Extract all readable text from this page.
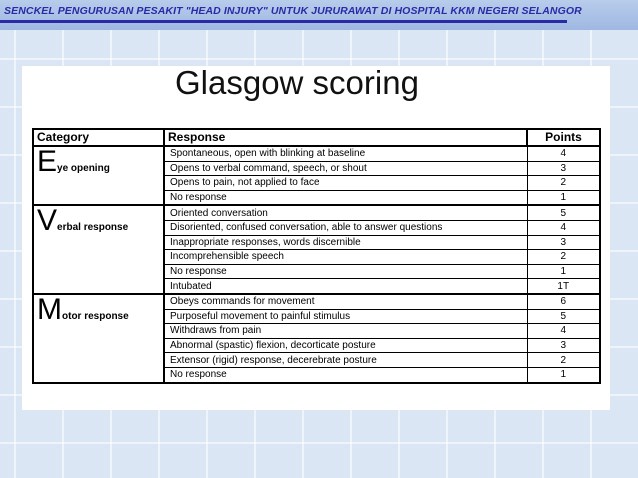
SENCKEL PENGURUSAN PESAKIT "HEAD INJURY" UNTUK JURURAWAT DI HOSPITAL KKM NEGERI SELANGOR
Glasgow scoring
Category	Response	Points
Eye opening	Spontaneous, open with blinking at baseline	4
	Opens to verbal command, speech, or shout	3
	Opens to pain, not applied to face	2
	No response	1
Verbal response	Oriented conversation	5
	Disoriented, confused conversation, able to answer questions	4
	Inappropriate responses, words discernible	3
	Incomprehensible speech	2
	No response	1
	Intubated	1T
Motor response	Obeys commands for movement	6
	Purposeful movement to painful stimulus	5
	Withdraws from pain	4
	Abnormal (spastic) flexion, decorticate posture	3
	Extensor (rigid) response, decerebrate posture	2
	No response	1
